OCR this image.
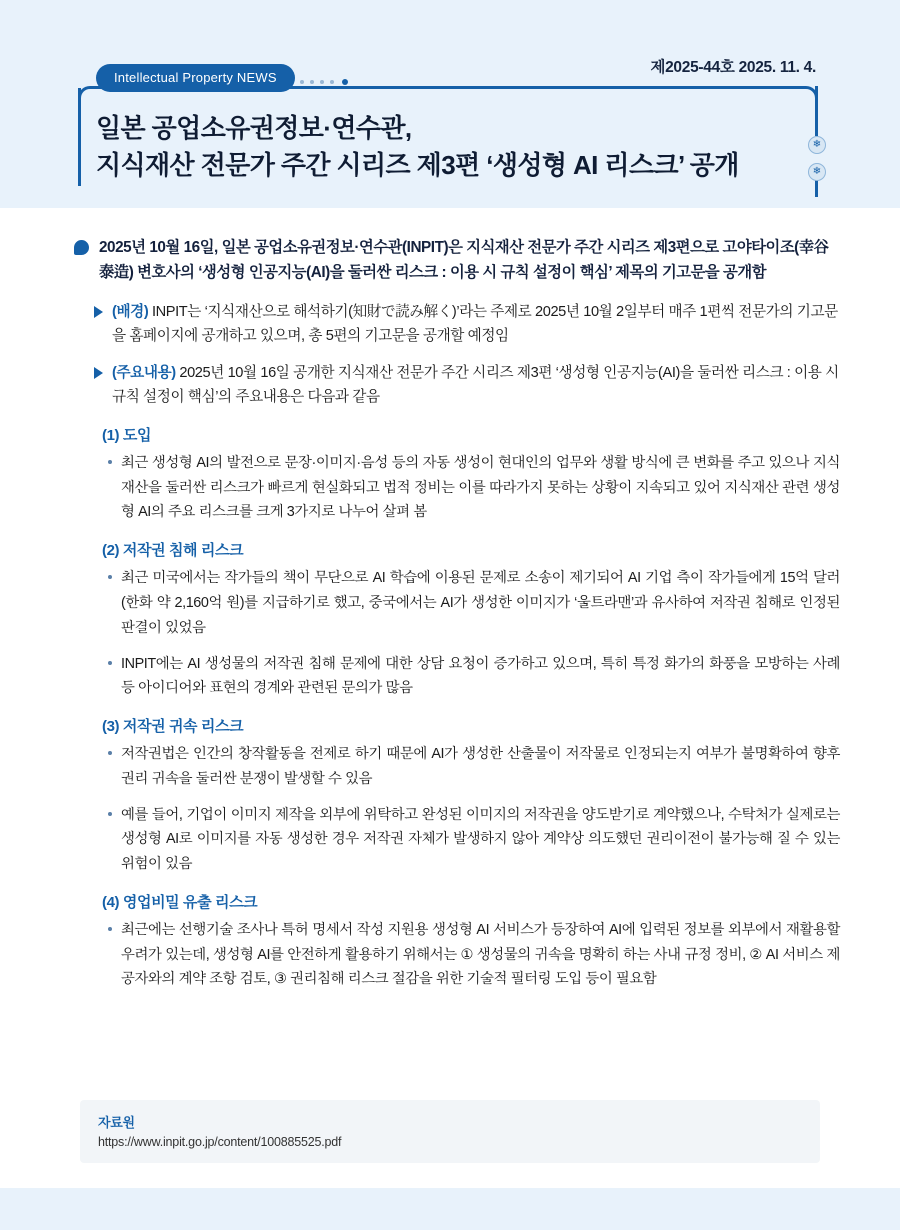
제2025-44호 2025. 11. 4.
Intellectual Property NEWS
일본 공업소유권정보·연수관,
지식재산 전문가 주간 시리즈 제3편 ‘생성형 AI 리스크’ 공개
❄
❄
2025년 10월 16일, 일본 공업소유권정보·연수관(INPIT)은 지식재산 전문가 주간 시리즈 제3편으로 고야타이조(幸谷 泰造) 변호사의 ‘생성형 인공지능(AI)을 둘러싼 리스크 : 이용 시 규칙 설정이 핵심’ 제목의 기고문을 공개함
(배경) INPIT는 ‘지식재산으로 해석하기(知財で読み解く)’라는 주제로 2025년 10월 2일부터 매주 1편씩 전문가의 기고문을 홈페이지에 공개하고 있으며, 총 5편의 기고문을 공개할 예정임
(주요내용) 2025년 10월 16일 공개한 지식재산 전문가 주간 시리즈 제3편 ‘생성형 인공지능(AI)을 둘러싼 리스크 : 이용 시 규칙 설정이 핵심’의 주요내용은 다음과 같음
(1) 도입
최근 생성형 AI의 발전으로 문장·이미지·음성 등의 자동 생성이 현대인의 업무와 생활 방식에 큰 변화를 주고 있으나 지식재산을 둘러싼 리스크가 빠르게 현실화되고 법적 정비는 이를 따라가지 못하는 상황이 지속되고 있어 지식재산 관련 생성형 AI의 주요 리스크를 크게 3가지로 나누어 살펴 봄
(2) 저작권 침해 리스크
최근 미국에서는 작가들의 책이 무단으로 AI 학습에 이용된 문제로 소송이 제기되어 AI 기업 측이 작가들에게 15억 달러(한화 약 2,160억 원)를 지급하기로 했고, 중국에서는 AI가 생성한 이미지가 ‘울트라맨’과 유사하여 저작권 침해로 인정된 판결이 있었음
INPIT에는 AI 생성물의 저작권 침해 문제에 대한 상담 요청이 증가하고 있으며, 특히 특정 화가의 화풍을 모방하는 사례 등 아이디어와 표현의 경계와 관련된 문의가 많음
(3) 저작권 귀속 리스크
저작권법은 인간의 창작활동을 전제로 하기 때문에 AI가 생성한 산출물이 저작물로 인정되는지 여부가 불명확하여 향후 권리 귀속을 둘러싼 분쟁이 발생할 수 있음
예를 들어, 기업이 이미지 제작을 외부에 위탁하고 완성된 이미지의 저작권을 양도받기로 계약했으나, 수탁처가 실제로는 생성형 AI로 이미지를 자동 생성한 경우 저작권 자체가 발생하지 않아 계약상 의도했던 권리이전이 불가능해 질 수 있는 위험이 있음
(4) 영업비밀 유출 리스크
최근에는 선행기술 조사나 특허 명세서 작성 지원용 생성형 AI 서비스가 등장하여 AI에 입력된 정보를 외부에서 재활용할 우려가 있는데, 생성형 AI를 안전하게 활용하기 위해서는 ① 생성물의 귀속을 명확히 하는 사내 규정 정비, ② AI 서비스 제공자와의 계약 조항 검토, ③ 권리침해 리스크 절감을 위한 기술적 필터링 도입 등이 필요함
자료원
https://www.inpit.go.jp/content/100885525.pdf
